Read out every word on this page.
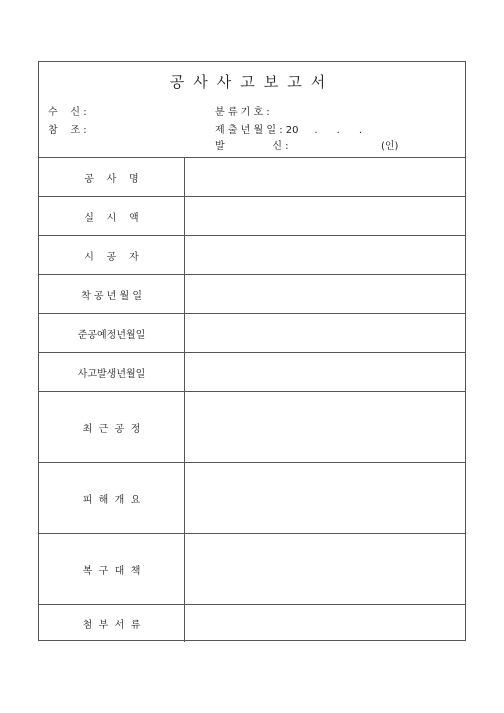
공사사고보고서
수    신 :
참    조 :
분 류 기 호 :
제 출 년 월 일 : 20     .      .      .
발               신 :	(인)
공    사    명
실    시    액
시    공    자
착 공 년 월 일
준공예정년월일
사고발생년월일
최  근  공  정
피  해  개  요
복  구  대  책
첨  부  서  류
